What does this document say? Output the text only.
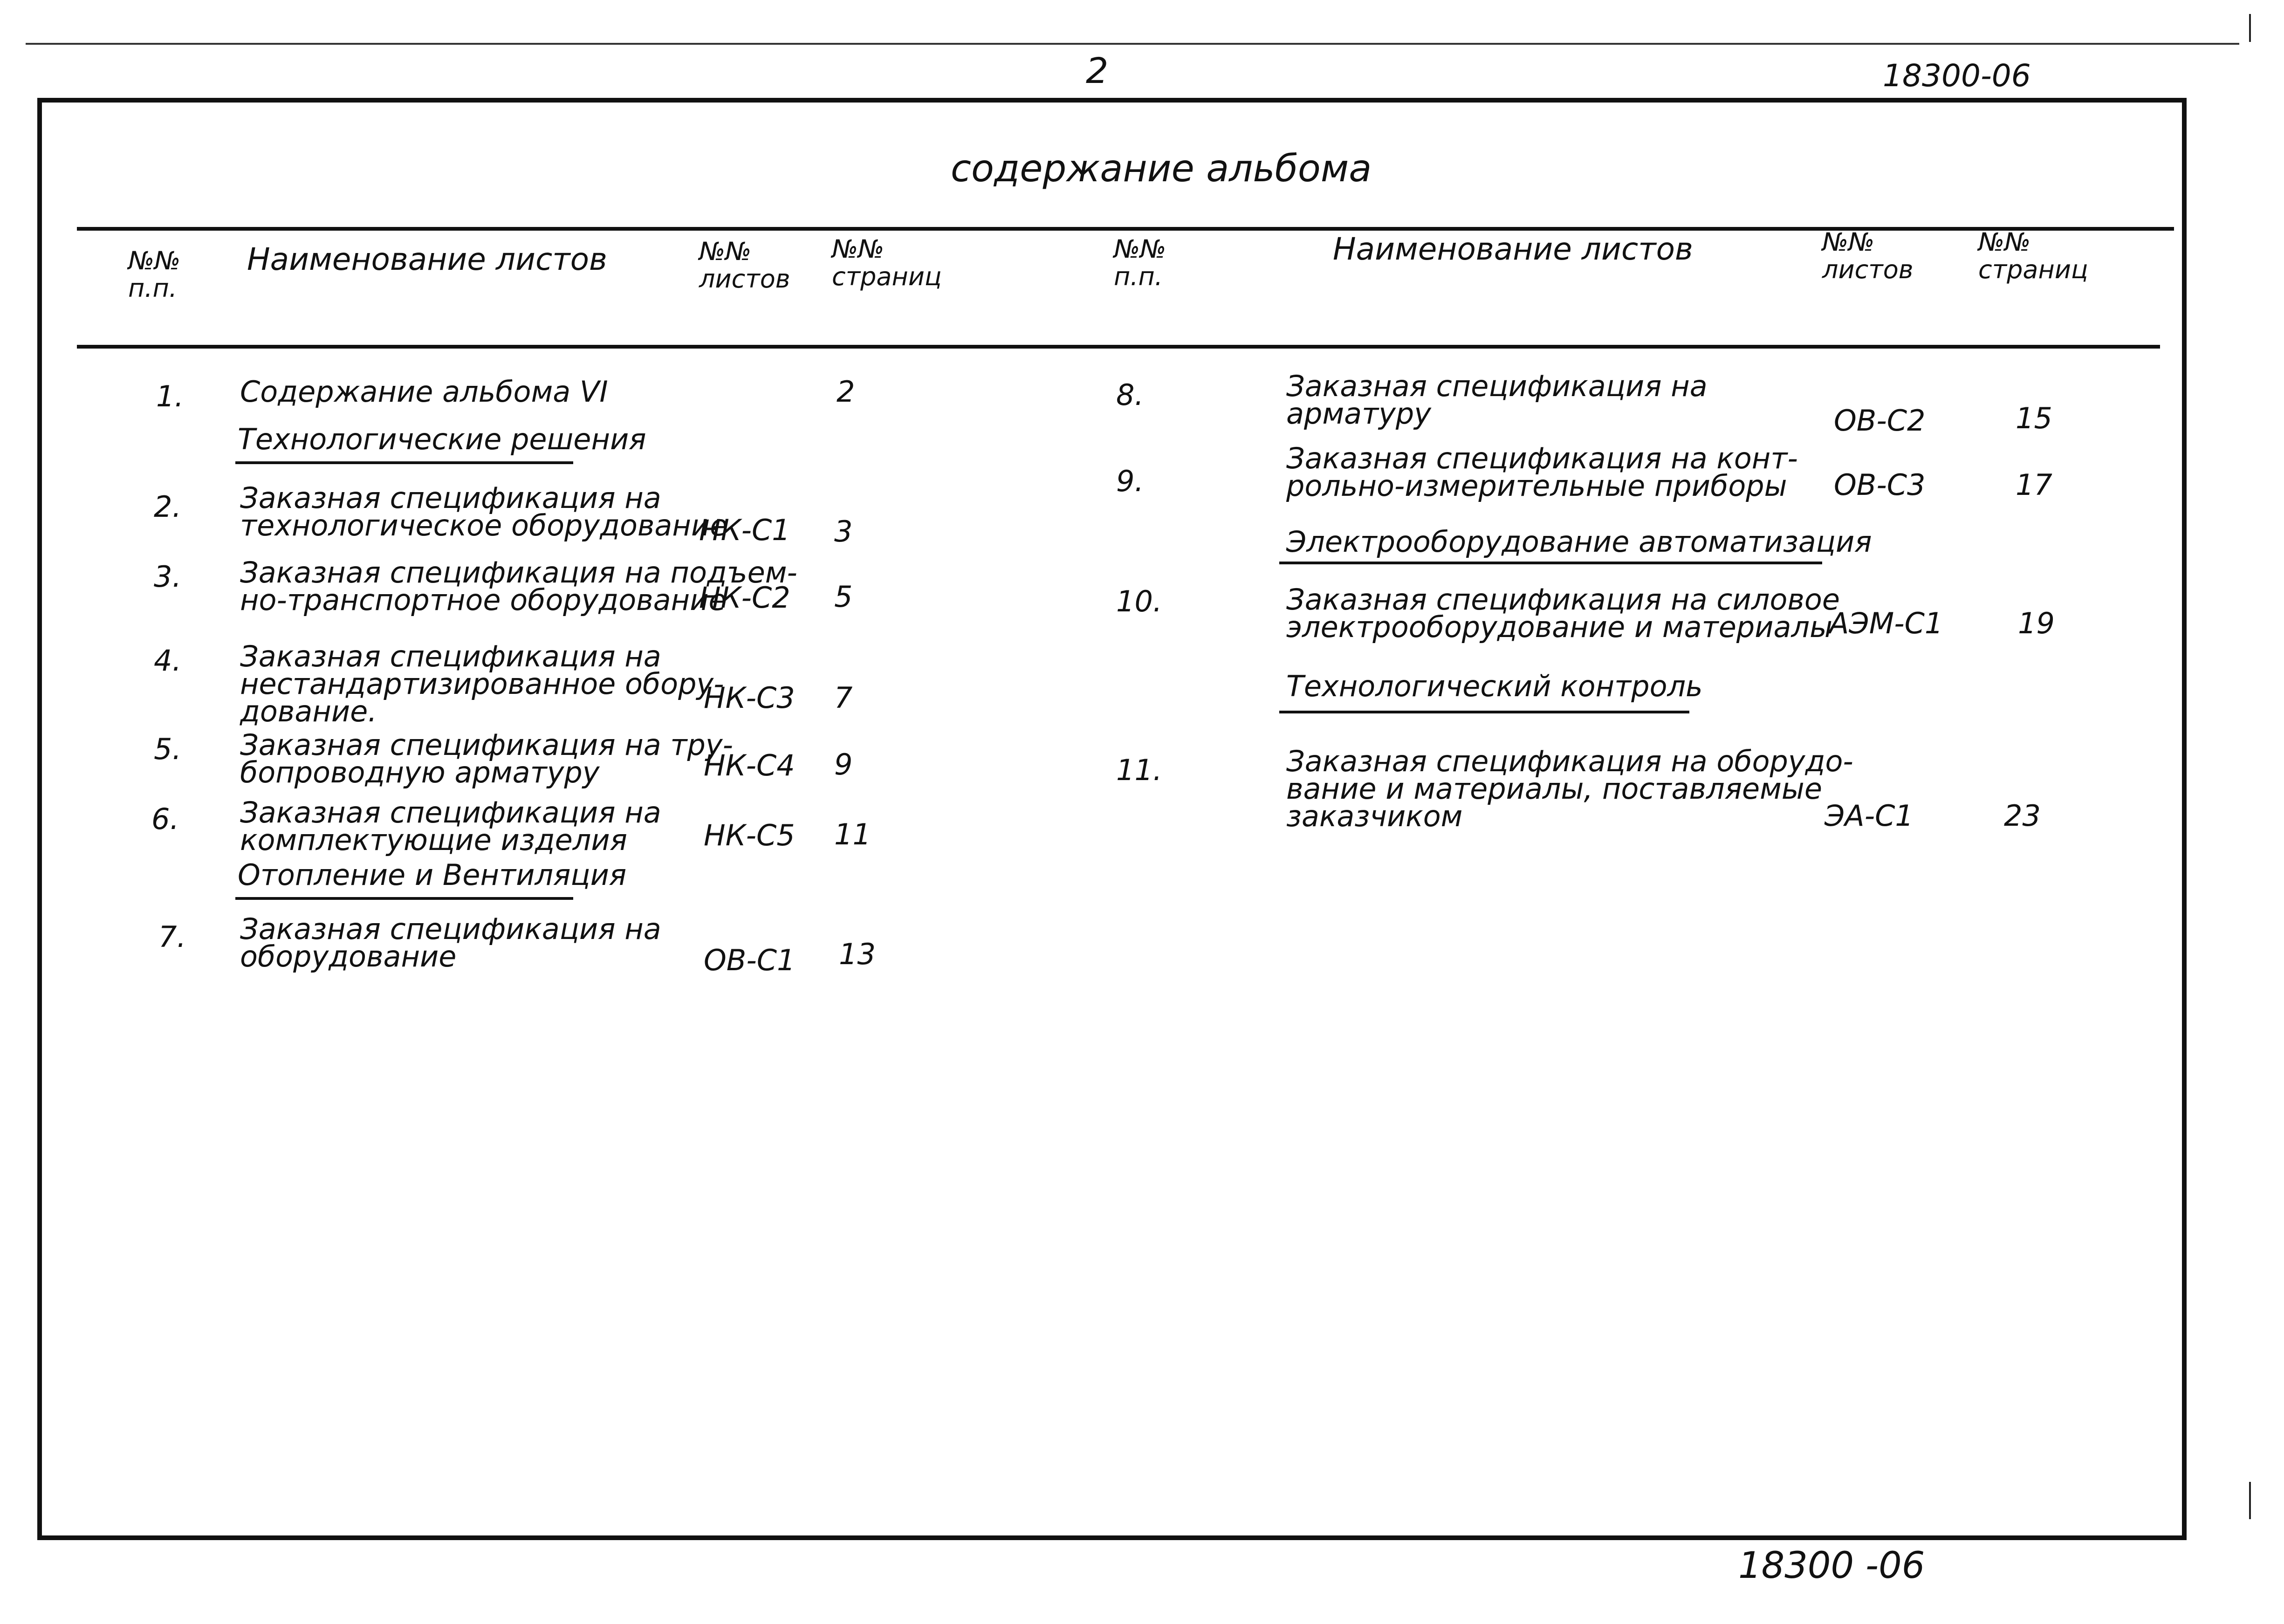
2	18300-06
18300 -06
содержание альбома
№№
п.п.
Наименование листов	№№
листов
№№
страниц
№№
п.п.
Наименование листов	№№
листов
№№
страниц
1. Содержание альбома VI	2
Технологические решения
2. Заказная спецификация на
технологическое оборудование
НК-С1 3
3. Заказная спецификация на подъем-
но-транспортное оборудование
НК-С2 5
4. Заказная спецификация на
нестандартизированное обору-
дование.	НК-С3 7
5. Заказная спецификация на тру-
бопроводную арматуру	НК-С4 9
6. Заказная спецификация на
комплектующие изделия	НК-С5 11
Отопление и Вентиляция
7. Заказная спецификация на
оборудование	ОВ-С1 13
8.	Заказная спецификация на
арматуру	ОВ-С2	15
9.
Заказная спецификация на конт-
рольно-измерительные приборы	ОВ-С3	17
Электрооборудование автоматизация
10.	Заказная спецификация на силовое
электрооборудование и материалы
АЭМ-С1	19
Технологический контроль
11.	Заказная спецификация на оборудо-
вание и материалы, поставляемые
заказчиком	ЭА-С1	23
